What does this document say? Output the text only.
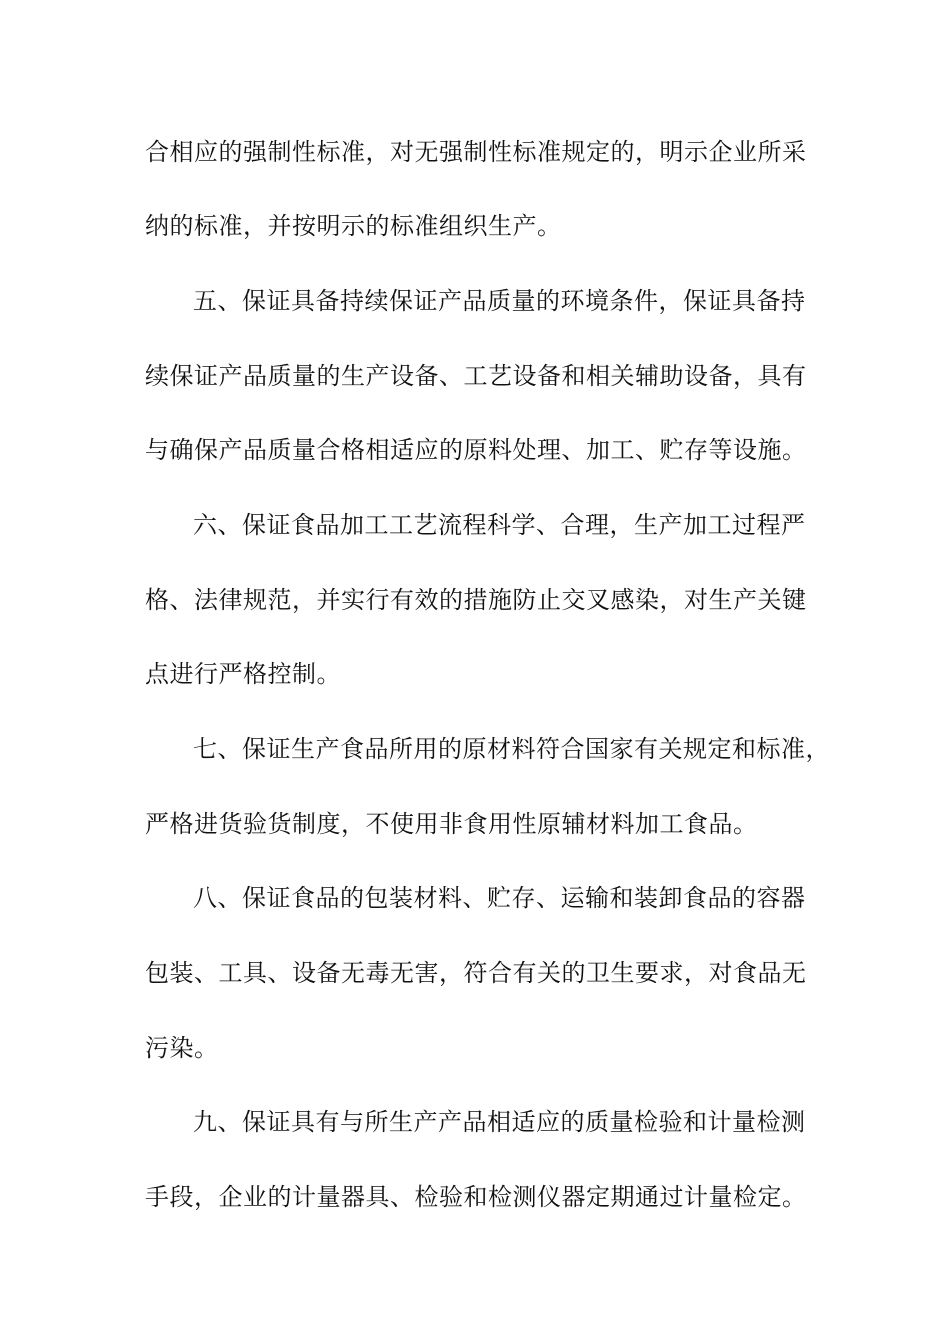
合相应的强制性标准，对无强制性标准规定的，明示企业所采
纳的标准，并按明示的标准组织生产。
五、保证具备持续保证产品质量的环境条件，保证具备持
续保证产品质量的生产设备、工艺设备和相关辅助设备，具有
与确保产品质量合格相适应的原料处理、加工、贮存等设施。
六、保证食品加工工艺流程科学、合理，生产加工过程严
格、法律规范，并实行有效的措施防止交叉感染，对生产关键
点进行严格控制。
七、保证生产食品所用的原材料符合国家有关规定和标准，
严格进货验货制度，不使用非食用性原辅材料加工食品。
八、保证食品的包装材料、贮存、运输和装卸食品的容器
包装、工具、设备无毒无害，符合有关的卫生要求，对食品无
污染。
九、保证具有与所生产产品相适应的质量检验和计量检测
手段，企业的计量器具、检验和检测仪器定期通过计量检定。
